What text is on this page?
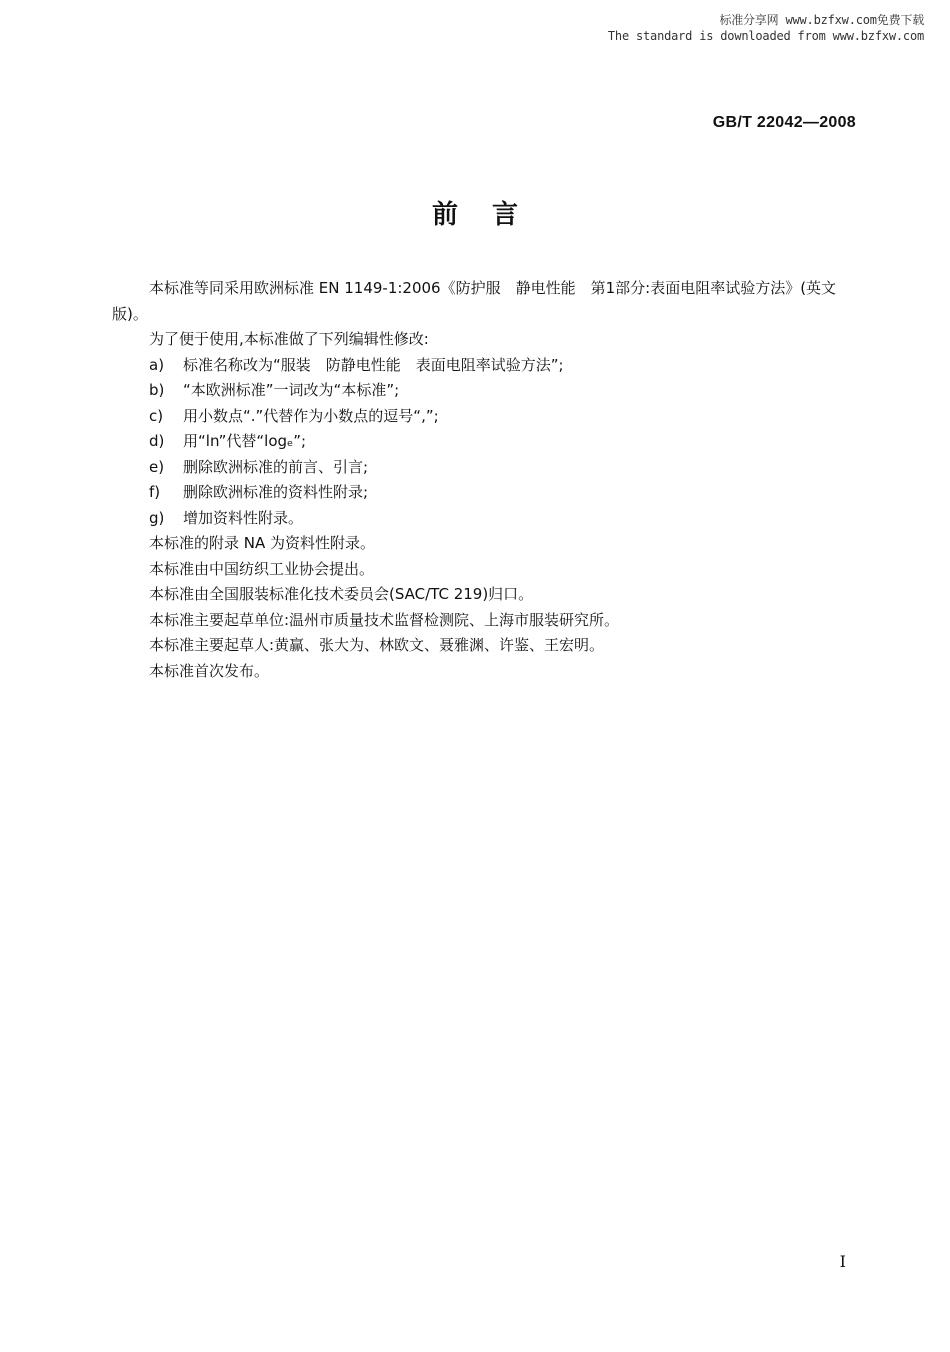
标准分享网 www.bzfxw.com免费下载
The standard is downloaded from www.bzfxw.com
GB/T 22042—2008
前言

本标准等同采用欧洲标准 EN 1149-1:2006《防护服　静电性能　第1部分:表面电阻率试验方法》(英文版)。

为了便于使用,本标准做了下列编辑性修改:

a) 标准名称改为“服装　防静电性能　表面电阻率试验方法”;

b) “本欧洲标准”一词改为“本标准”;

c) 用小数点“.”代替作为小数点的逗号“,”;

d) 用“ln”代替“logₑ”;

e) 删除欧洲标准的前言、引言;

f) 删除欧洲标准的资料性附录;

g) 增加资料性附录。

本标准的附录 NA 为资料性附录。

本标准由中国纺织工业协会提出。

本标准由全国服装标准化技术委员会(SAC/TC 219)归口。

本标准主要起草单位:温州市质量技术监督检测院、上海市服装研究所。

本标准主要起草人:黄赢、张大为、林欧文、聂雅渊、许鉴、王宏明。

本标准首次发布。

I
